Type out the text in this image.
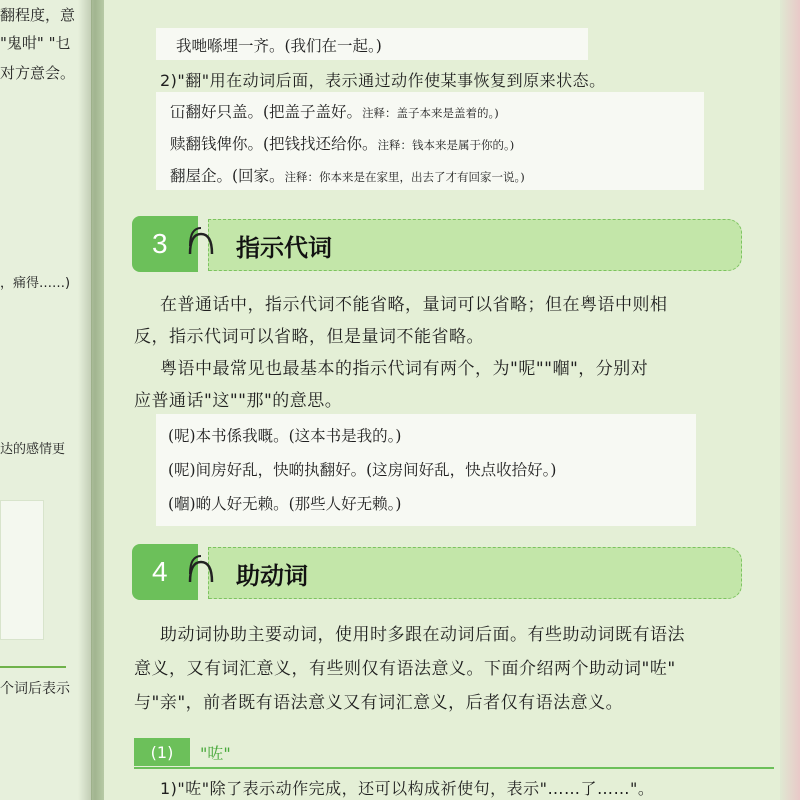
翻程度，意
"鬼咁" "乜
对方意会。
，痛得……)
达的感情更
个词后表示
我哋喺埋一齐。(我们在一起。)
2)"翻"用在动词后面，表示通过动作使某事恢复到原来状态。
冚翻好只盖。(把盖子盖好。注释：盖子本来是盖着的。)
赎翻钱俾你。(把钱找还给你。注释：钱本来是属于你的。)
翻屋企。(回家。注释：你本来是在家里，出去了才有回家一说。)
3	指示代词
在普通话中，指示代词不能省略，量词可以省略；但在粤语中则相
反，指示代词可以省略，但是量词不能省略。
粤语中最常见也最基本的指示代词有两个，为"呢""嗰"，分别对
应普通话"这""那"的意思。
(呢)本书係我嘅。(这本书是我的。)
(呢)间房好乱，快啲执翻好。(这房间好乱，快点收拾好。)
(嗰)啲人好无赖。(那些人好无赖。)
4	助动词
助动词协助主要动词，使用时多跟在动词后面。有些助动词既有语法
意义，又有词汇意义，有些则仅有语法意义。下面介绍两个助动词"咗"
与"亲"，前者既有语法意义又有词汇意义，后者仅有语法意义。
(1)	"咗"
1)"咗"除了表示动作完成，还可以构成祈使句，表示"……了……"。
